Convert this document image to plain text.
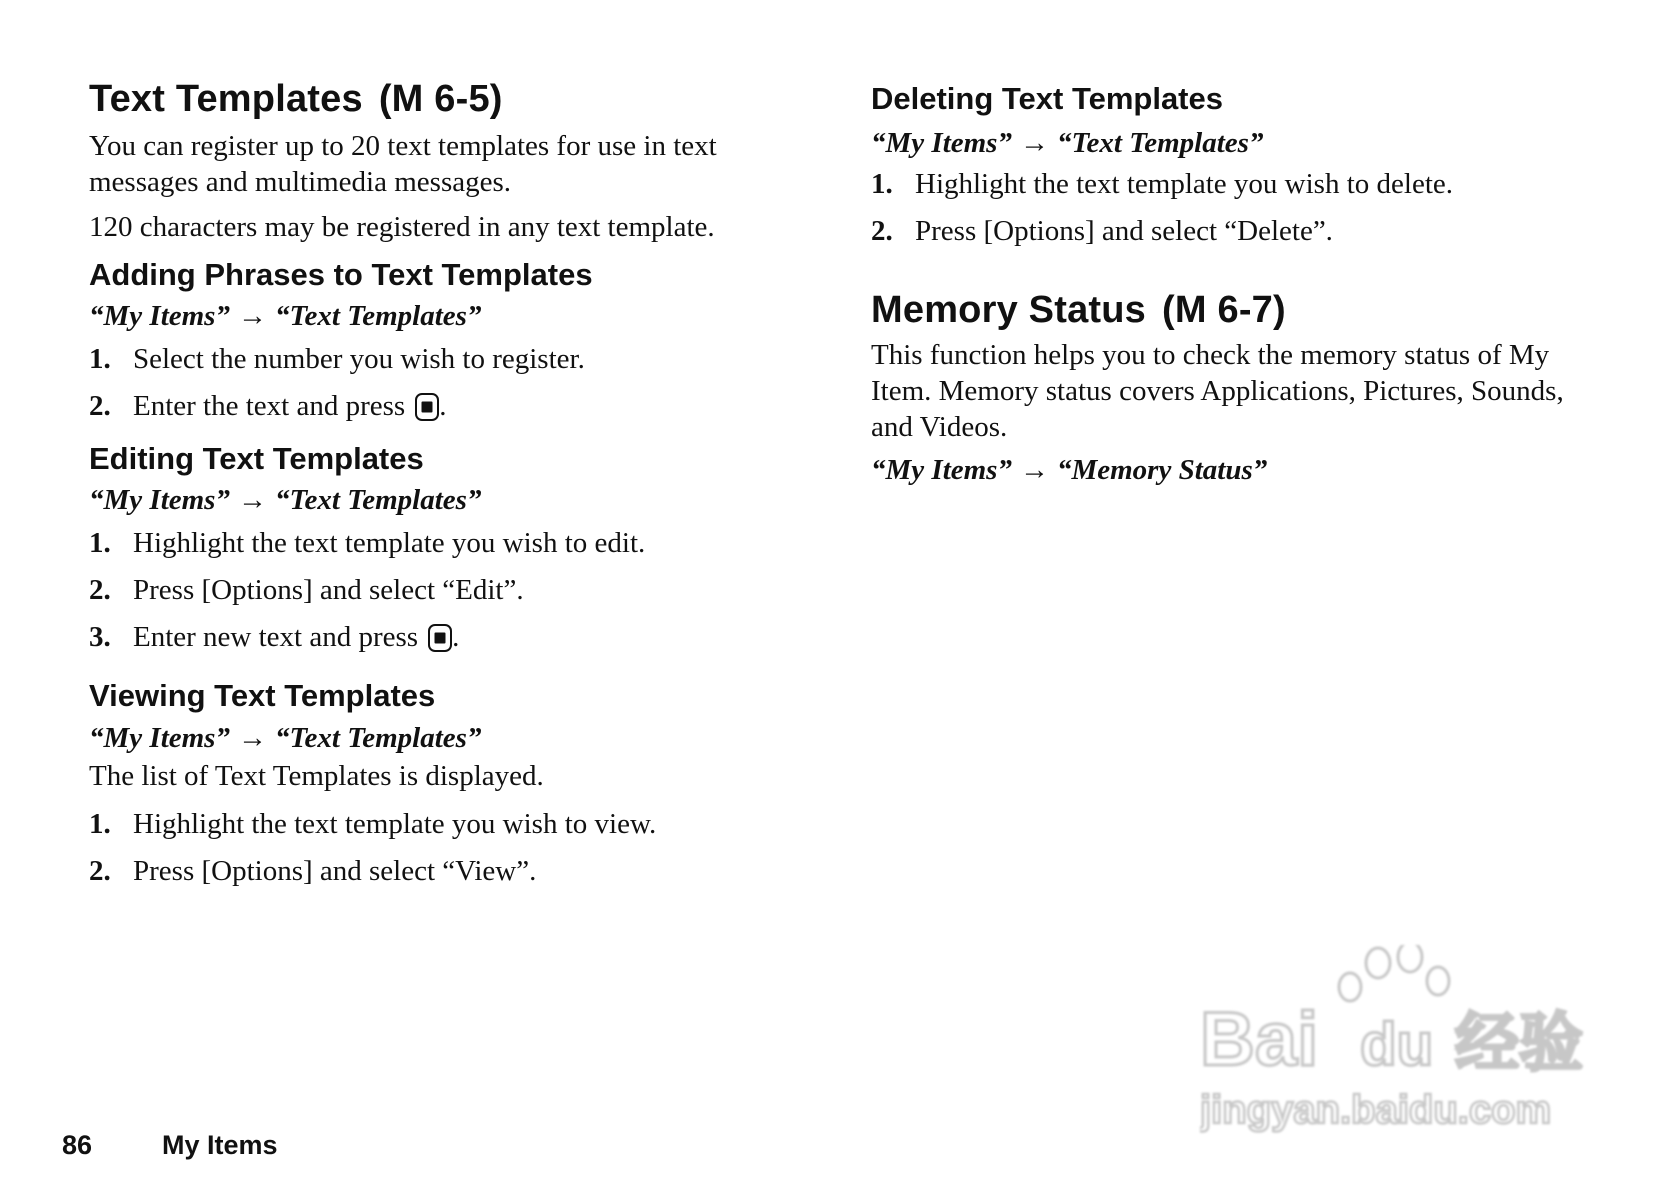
Text Templates (M 6-5)

You can register up to 20 text templates for use in text messages and multimedia messages.

120 characters may be registered in any text template.

Adding Phrases to Text Templates

“My Items” → “Text Templates”

1. Select the number you wish to register.

2. Enter the text and press .

Editing Text Templates

“My Items” → “Text Templates”

1. Highlight the text template you wish to edit.

2. Press [Options] and select “Edit”.

3. Enter new text and press .

Viewing Text Templates

“My Items” → “Text Templates”

The list of Text Templates is displayed.

1. Highlight the text template you wish to view.

2. Press [Options] and select “View”.

Deleting Text Templates

“My Items” → “Text Templates”

1. Highlight the text template you wish to delete.

2. Press [Options] and select “Delete”.

Memory Status (M 6-7)

This function helps you to check the memory status of My Item. Memory status covers Applications, Pictures, Sounds, and Videos.

“My Items” → “Memory Status”

86	My Items
Bai du 经验
jingyan.baidu.com
